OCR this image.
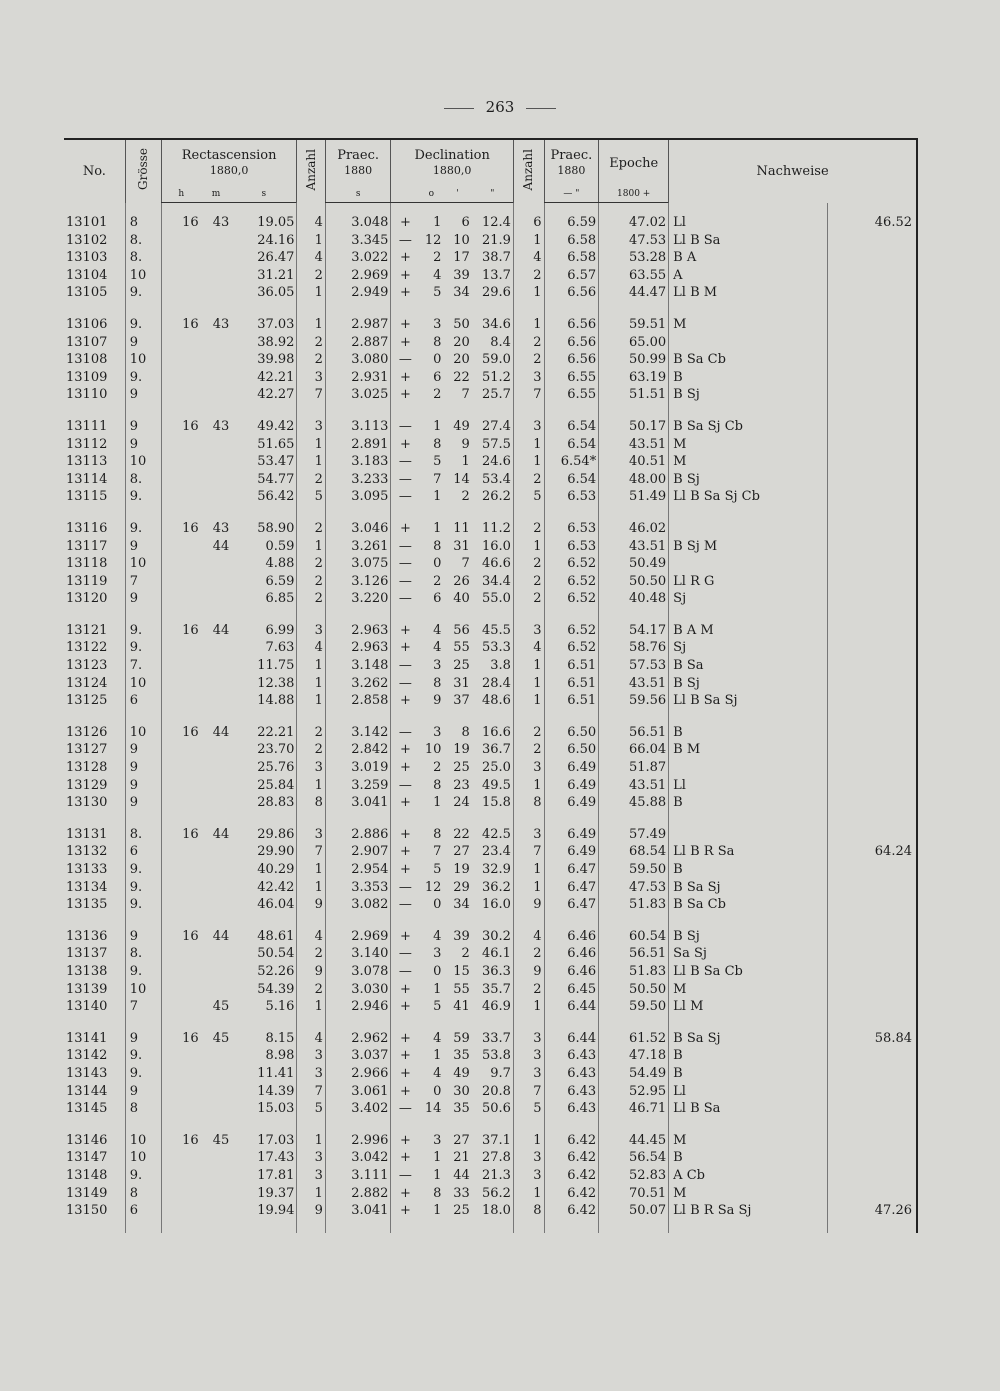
263
No.	Grösse	Rectascension
1880,0			Anzahl	Praec.
1880	Declination
1880,0				Anzahl	Praec.
1880	Epoche	Nachweise	
		h	m	s		s		o	'	"		— "	1800 +		

13101	8	16	43	19.05	4	3.048	+	1	6	12.4	6	6.59	47.02	Ll	46.52
13102	8.			24.16	1	3.345	—	12	10	21.9	1	6.58	47.53	Ll B Sa	
13103	8.			26.47	4	3.022	+	2	17	38.7	4	6.58	53.28	B A	
13104	10			31.21	2	2.969	+	4	39	13.7	2	6.57	63.55	A	
13105	9.			36.05	1	2.949	+	5	34	29.6	1	6.56	44.47	Ll B M	

13106	9.	16	43	37.03	1	2.987	+	3	50	34.6	1	6.56	59.51	M	
13107	9			38.92	2	2.887	+	8	20	8.4	2	6.56	65.00		
13108	10			39.98	2	3.080	—	0	20	59.0	2	6.56	50.99	B Sa Cb	
13109	9.			42.21	3	2.931	+	6	22	51.2	3	6.55	63.19	B	
13110	9			42.27	7	3.025	+	2	7	25.7	7	6.55	51.51	B Sj	

13111	9	16	43	49.42	3	3.113	—	1	49	27.4	3	6.54	50.17	B Sa Sj Cb	
13112	9			51.65	1	2.891	+	8	9	57.5	1	6.54	43.51	M	
13113	10			53.47	1	3.183	—	5	1	24.6	1	6.54*	40.51	M	
13114	8.			54.77	2	3.233	—	7	14	53.4	2	6.54	48.00	B Sj	
13115	9.			56.42	5	3.095	—	1	2	26.2	5	6.53	51.49	Ll B Sa Sj Cb	

13116	9.	16	43	58.90	2	3.046	+	1	11	11.2	2	6.53	46.02		
13117	9		44	0.59	1	3.261	—	8	31	16.0	1	6.53	43.51	B Sj M	
13118	10			4.88	2	3.075	—	0	7	46.6	2	6.52	50.49		
13119	7			6.59	2	3.126	—	2	26	34.4	2	6.52	50.50	Ll R G	
13120	9			6.85	2	3.220	—	6	40	55.0	2	6.52	40.48	Sj	

13121	9.	16	44	6.99	3	2.963	+	4	56	45.5	3	6.52	54.17	B A M	
13122	9.			7.63	4	2.963	+	4	55	53.3	4	6.52	58.76	Sj	
13123	7.			11.75	1	3.148	—	3	25	3.8	1	6.51	57.53	B Sa	
13124	10			12.38	1	3.262	—	8	31	28.4	1	6.51	43.51	B Sj	
13125	6			14.88	1	2.858	+	9	37	48.6	1	6.51	59.56	Ll B Sa Sj	

13126	10	16	44	22.21	2	3.142	—	3	8	16.6	2	6.50	56.51	B	
13127	9			23.70	2	2.842	+	10	19	36.7	2	6.50	66.04	B M	
13128	9			25.76	3	3.019	+	2	25	25.0	3	6.49	51.87		
13129	9			25.84	1	3.259	—	8	23	49.5	1	6.49	43.51	Ll	
13130	9			28.83	8	3.041	+	1	24	15.8	8	6.49	45.88	B	

13131	8.	16	44	29.86	3	2.886	+	8	22	42.5	3	6.49	57.49		
13132	6			29.90	7	2.907	+	7	27	23.4	7	6.49	68.54	Ll B R Sa	64.24
13133	9.			40.29	1	2.954	+	5	19	32.9	1	6.47	59.50	B	
13134	9.			42.42	1	3.353	—	12	29	36.2	1	6.47	47.53	B Sa Sj	
13135	9.			46.04	9	3.082	—	0	34	16.0	9	6.47	51.83	B Sa Cb	

13136	9	16	44	48.61	4	2.969	+	4	39	30.2	4	6.46	60.54	B Sj	
13137	8.			50.54	2	3.140	—	3	2	46.1	2	6.46	56.51	Sa Sj	
13138	9.			52.26	9	3.078	—	0	15	36.3	9	6.46	51.83	Ll B Sa Cb	
13139	10			54.39	2	3.030	+	1	55	35.7	2	6.45	50.50	M	
13140	7		45	5.16	1	2.946	+	5	41	46.9	1	6.44	59.50	Ll M	

13141	9	16	45	8.15	4	2.962	+	4	59	33.7	3	6.44	61.52	B Sa Sj	58.84
13142	9.			8.98	3	3.037	+	1	35	53.8	3	6.43	47.18	B	
13143	9.			11.41	3	2.966	+	4	49	9.7	3	6.43	54.49	B	
13144	9			14.39	7	3.061	+	0	30	20.8	7	6.43	52.95	Ll	
13145	8			15.03	5	3.402	—	14	35	50.6	5	6.43	46.71	Ll B Sa	

13146	10	16	45	17.03	1	2.996	+	3	27	37.1	1	6.42	44.45	M	
13147	10			17.43	3	3.042	+	1	21	27.8	3	6.42	56.54	B	
13148	9.			17.81	3	3.111	—	1	44	21.3	3	6.42	52.83	A Cb	
13149	8			19.37	1	2.882	+	8	33	56.2	1	6.42	70.51	M	
13150	6			19.94	9	3.041	+	1	25	18.0	8	6.42	50.07	Ll B R Sa Sj	47.26
